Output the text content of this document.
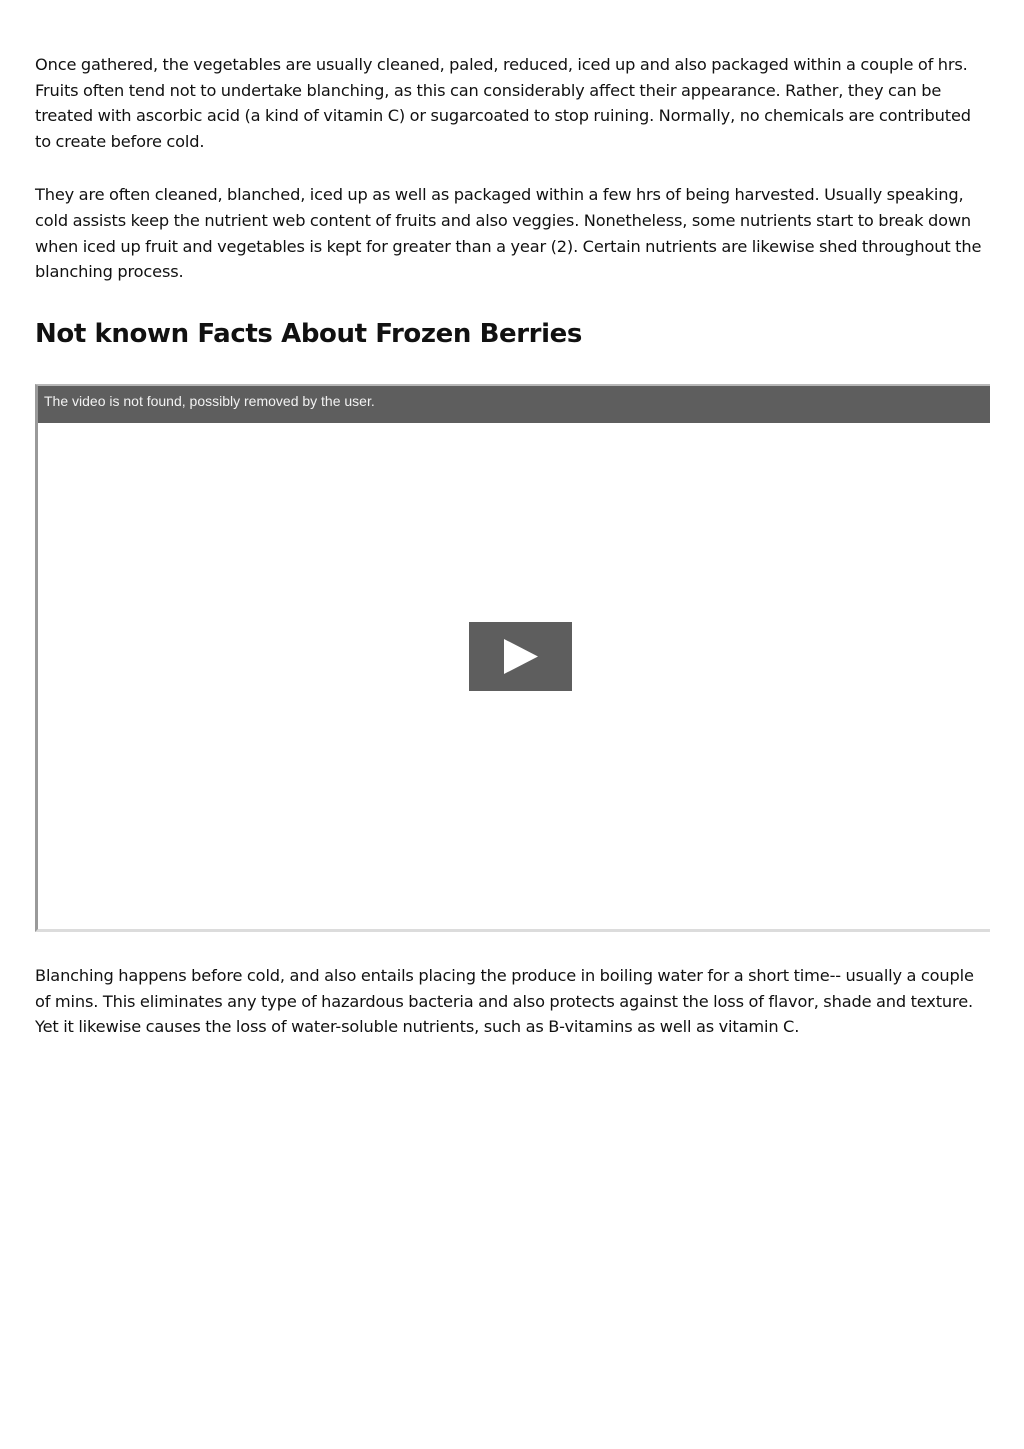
Once gathered, the vegetables are usually cleaned, paled, reduced, iced up and also packaged within a couple of hrs. Fruits often tend not to undertake blanching, as this can considerably affect their appearance. Rather, they can be treated with ascorbic acid (a kind of vitamin C) or sugarcoated to stop ruining. Normally, no chemicals are contributed to create before cold.

They are often cleaned, blanched, iced up as well as packaged within a few hrs of being harvested. Usually speaking, cold assists keep the nutrient web content of fruits and also veggies. Nonetheless, some nutrients start to break down when iced up fruit and vegetables is kept for greater than a year (2). Certain nutrients are likewise shed throughout the blanching process.

Not known Facts About Frozen Berries
The video is not found, possibly removed by the user.

Blanching happens before cold, and also entails placing the produce in boiling water for a short time-- usually a couple of mins. This eliminates any type of hazardous bacteria and also protects against the loss of flavor, shade and texture. Yet it likewise causes the loss of water-soluble nutrients, such as B-vitamins as well as vitamin C.
